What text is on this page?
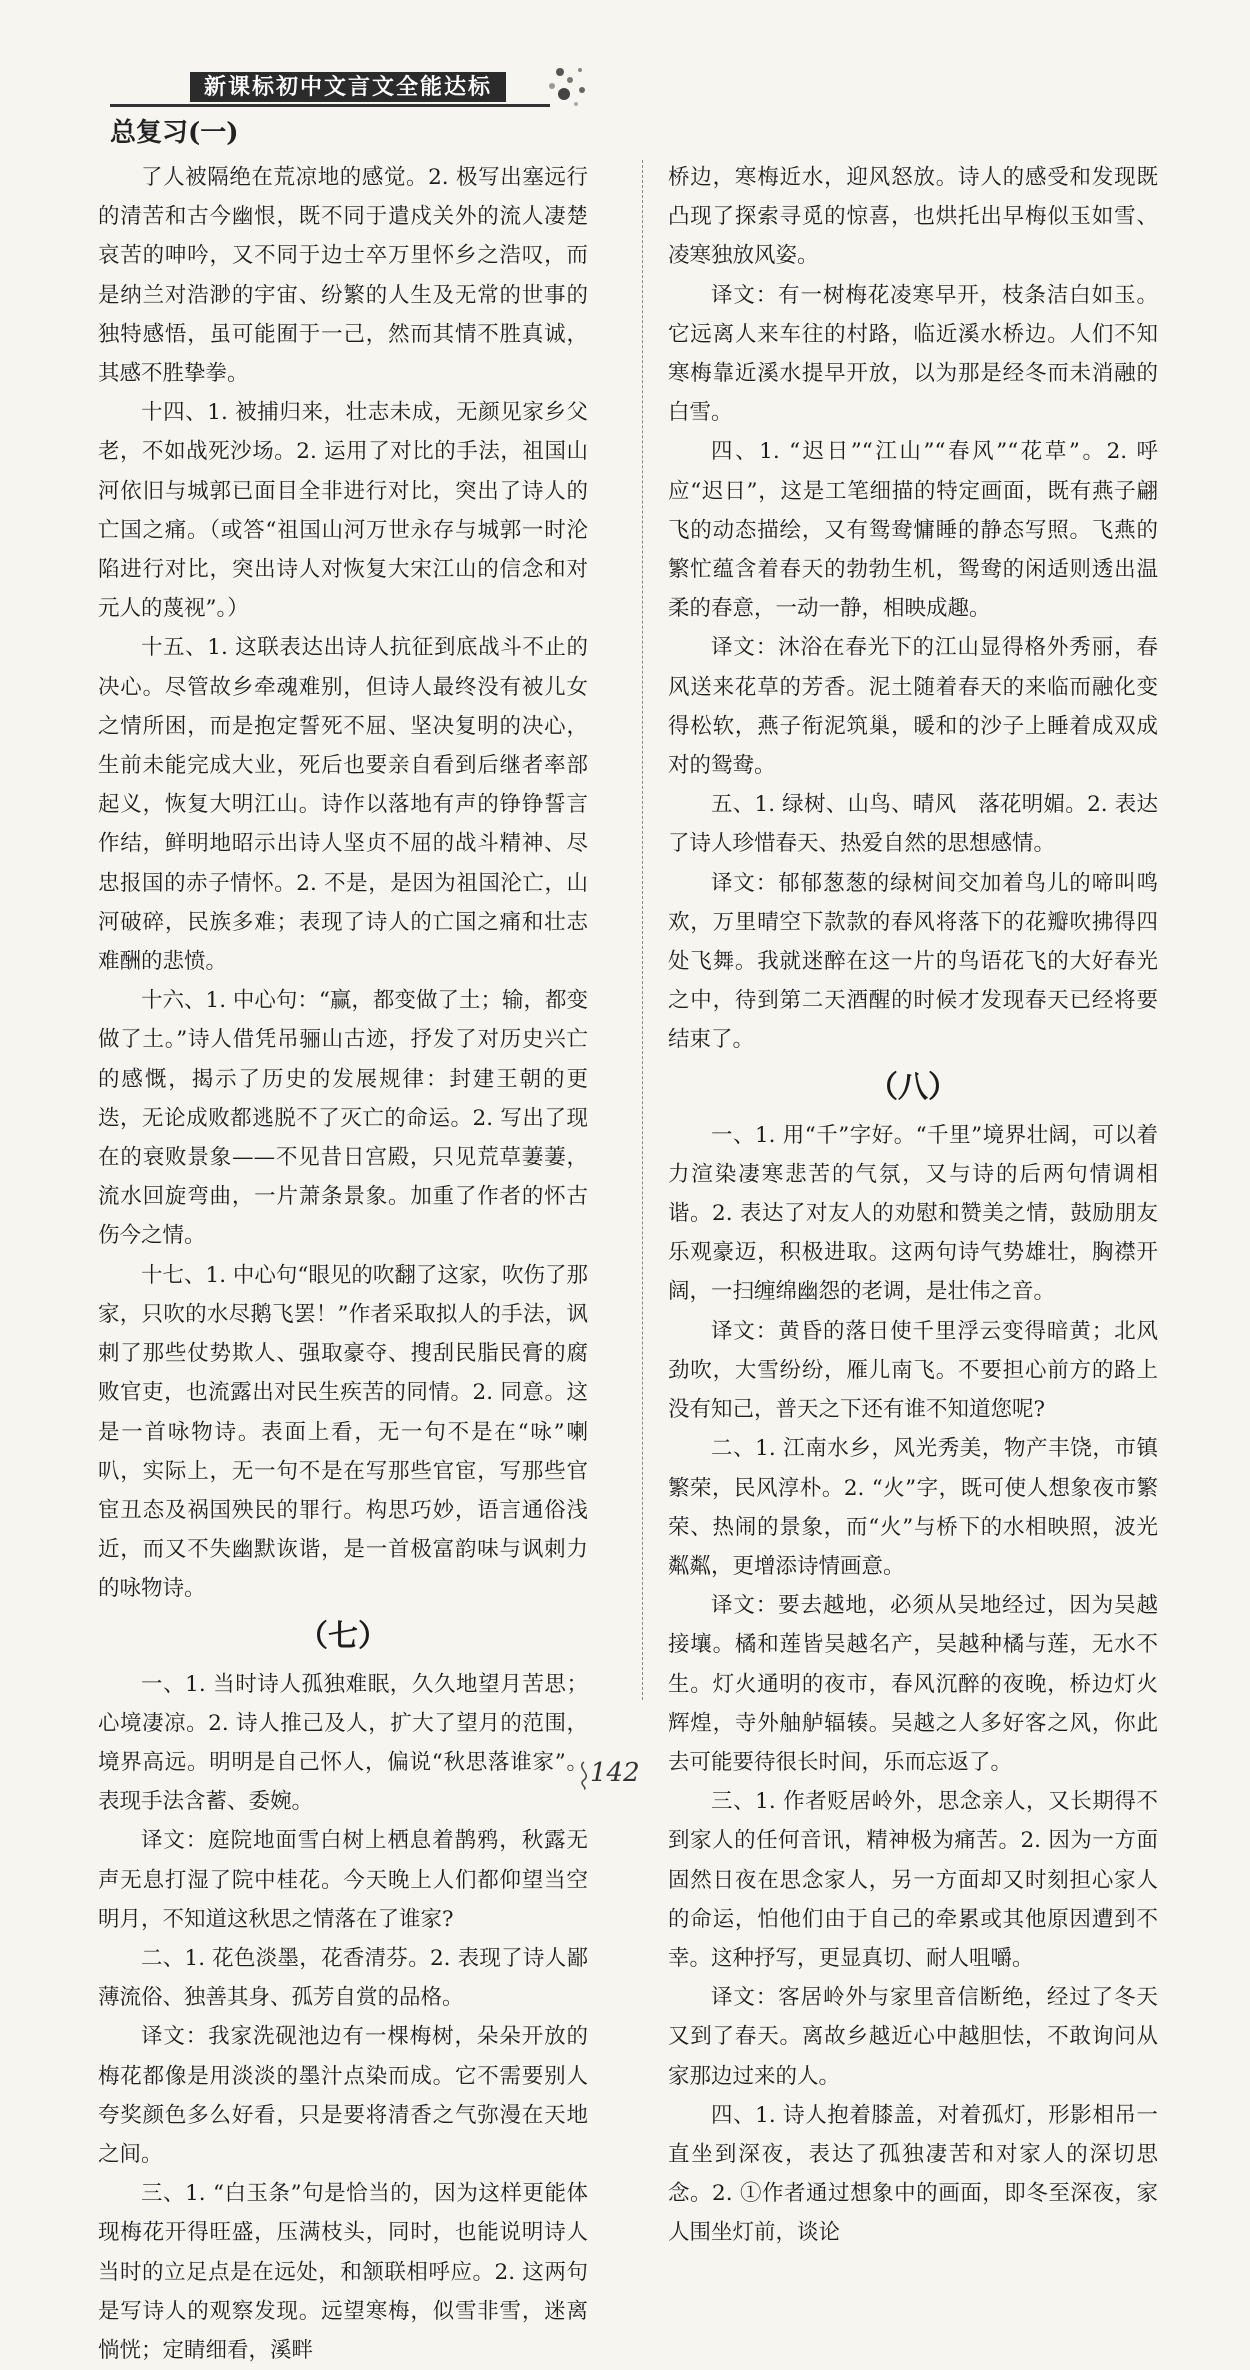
新课标初中文言文全能达标
总复习(一)

了人被隔绝在荒凉地的感觉。2. 极写出塞远行的清苦和古今幽恨，既不同于遣戍关外的流人凄楚哀苦的呻吟，又不同于边士卒万里怀乡之浩叹，而是纳兰对浩渺的宇宙、纷繁的人生及无常的世事的独特感悟，虽可能囿于一己，然而其情不胜真诚，其感不胜挚拳。

十四、1. 被捕归来，壮志未成，无颜见家乡父老，不如战死沙场。2. 运用了对比的手法，祖国山河依旧与城郭已面目全非进行对比，突出了诗人的亡国之痛。（或答“祖国山河万世永存与城郭一时沦陷进行对比，突出诗人对恢复大宋江山的信念和对元人的蔑视”。）

十五、1. 这联表达出诗人抗征到底战斗不止的决心。尽管故乡牵魂难别，但诗人最终没有被儿女之情所困，而是抱定誓死不屈、坚决复明的决心，生前未能完成大业，死后也要亲自看到后继者率部起义，恢复大明江山。诗作以落地有声的铮铮誓言作结，鲜明地昭示出诗人坚贞不屈的战斗精神、尽忠报国的赤子情怀。2. 不是，是因为祖国沦亡，山河破碎，民族多难；表现了诗人的亡国之痛和壮志难酬的悲愤。

十六、1. 中心句：“赢，都变做了土；输，都变做了土。”诗人借凭吊骊山古迹，抒发了对历史兴亡的感慨，揭示了历史的发展规律：封建王朝的更迭，无论成败都逃脱不了灭亡的命运。2. 写出了现在的衰败景象——不见昔日宫殿，只见荒草萋萋，流水回旋弯曲，一片萧条景象。加重了作者的怀古伤今之情。

十七、1. 中心句“眼见的吹翻了这家，吹伤了那家，只吹的水尽鹅飞罢！”作者采取拟人的手法，讽刺了那些仗势欺人、强取豪夺、搜刮民脂民膏的腐败官吏，也流露出对民生疾苦的同情。2. 同意。这是一首咏物诗。表面上看，无一句不是在“咏”喇叭，实际上，无一句不是在写那些官宦，写那些官宦丑态及祸国殃民的罪行。构思巧妙，语言通俗浅近，而又不失幽默诙谐，是一首极富韵味与讽刺力的咏物诗。

（七）

一、1. 当时诗人孤独难眠，久久地望月苦思；心境凄凉。2. 诗人推己及人，扩大了望月的范围，境界高远。明明是自己怀人，偏说“秋思落谁家”。表现手法含蓄、委婉。

译文：庭院地面雪白树上栖息着鹊鸦，秋露无声无息打湿了院中桂花。今天晚上人们都仰望当空明月，不知道这秋思之情落在了谁家?

二、1. 花色淡墨，花香清芬。2. 表现了诗人鄙薄流俗、独善其身、孤芳自赏的品格。

译文：我家洗砚池边有一棵梅树，朵朵开放的梅花都像是用淡淡的墨汁点染而成。它不需要别人夸奖颜色多么好看，只是要将清香之气弥漫在天地之间。

三、1. “白玉条”句是恰当的，因为这样更能体现梅花开得旺盛，压满枝头，同时，也能说明诗人当时的立足点是在远处，和颔联相呼应。2. 这两句是写诗人的观察发现。远望寒梅，似雪非雪，迷离惝恍；定睛细看，溪畔

桥边，寒梅近水，迎风怒放。诗人的感受和发现既凸现了探索寻觅的惊喜，也烘托出早梅似玉如雪、凌寒独放风姿。

译文：有一树梅花凌寒早开，枝条洁白如玉。它远离人来车往的村路，临近溪水桥边。人们不知寒梅靠近溪水提早开放，以为那是经冬而未消融的白雪。

四、1. “迟日”“江山”“春风”“花草”。2. 呼应“迟日”，这是工笔细描的特定画面，既有燕子翩飞的动态描绘，又有鸳鸯慵睡的静态写照。飞燕的繁忙蕴含着春天的勃勃生机，鸳鸯的闲适则透出温柔的春意，一动一静，相映成趣。

译文：沐浴在春光下的江山显得格外秀丽，春风送来花草的芳香。泥土随着春天的来临而融化变得松软，燕子衔泥筑巢，暖和的沙子上睡着成双成对的鸳鸯。

五、1. 绿树、山鸟、晴风　落花明媚。2. 表达了诗人珍惜春天、热爱自然的思想感情。

译文：郁郁葱葱的绿树间交加着鸟儿的啼叫鸣欢，万里晴空下款款的春风将落下的花瓣吹拂得四处飞舞。我就迷醉在这一片的鸟语花飞的大好春光之中，待到第二天酒醒的时候才发现春天已经将要结束了。

（八）

一、1. 用“千”字好。“千里”境界壮阔，可以着力渲染凄寒悲苦的气氛，又与诗的后两句情调相谐。2. 表达了对友人的劝慰和赞美之情，鼓励朋友乐观豪迈，积极进取。这两句诗气势雄壮，胸襟开阔，一扫缠绵幽怨的老调，是壮伟之音。

译文：黄昏的落日使千里浮云变得暗黄；北风劲吹，大雪纷纷，雁儿南飞。不要担心前方的路上没有知己，普天之下还有谁不知道您呢?

二、1. 江南水乡，风光秀美，物产丰饶，市镇繁荣，民风淳朴。2. “火”字，既可使人想象夜市繁荣、热闹的景象，而“火”与桥下的水相映照，波光粼粼，更增添诗情画意。

译文：要去越地，必须从吴地经过，因为吴越接壤。橘和莲皆吴越名产，吴越种橘与莲，无水不生。灯火通明的夜市，春风沉醉的夜晚，桥边灯火辉煌，寺外舳舻辐辏。吴越之人多好客之风，你此去可能要待很长时间，乐而忘返了。

三、1. 作者贬居岭外，思念亲人，又长期得不到家人的任何音讯，精神极为痛苦。2. 因为一方面固然日夜在思念家人，另一方面却又时刻担心家人的命运，怕他们由于自己的牵累或其他原因遭到不幸。这种抒写，更显真切、耐人咀嚼。

译文：客居岭外与家里音信断绝，经过了冬天又到了春天。离故乡越近心中越胆怯，不敢询问从家那边过来的人。

四、1. 诗人抱着膝盖，对着孤灯，形影相吊一直坐到深夜，表达了孤独凄苦和对家人的深切思念。2. ①作者通过想象中的画面，即冬至深夜，家人围坐灯前，谈论

142
